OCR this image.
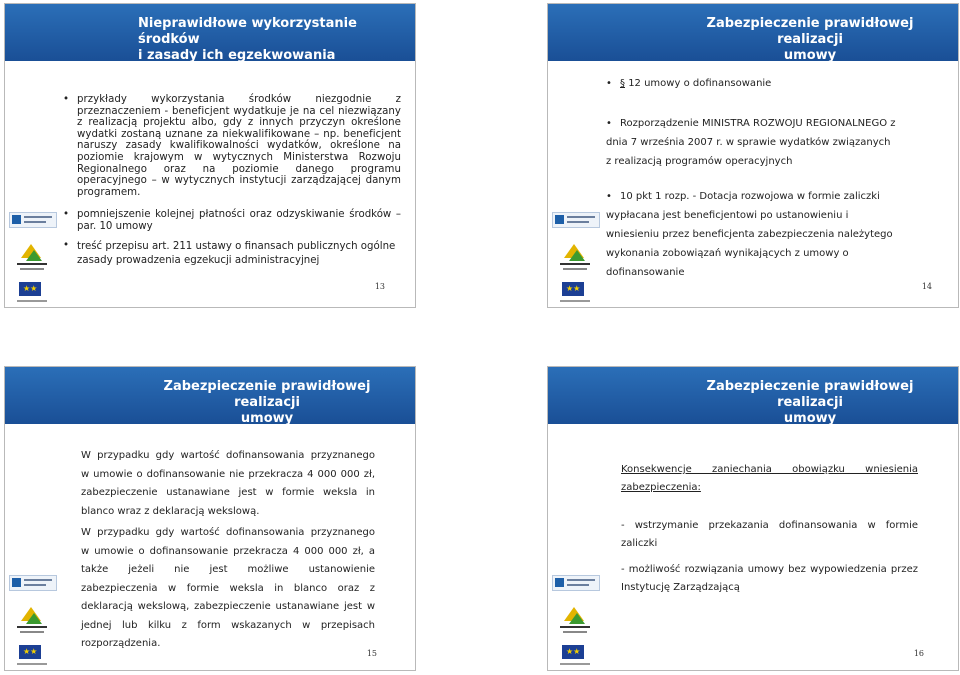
Nieprawidłowe wykorzystanie środków
i zasady ich egzekwowania
★★
• przykłady wykorzystania środków niezgodnie z przeznaczeniem - beneficjent wydatkuje je na cel niezwiązany z realizacją projektu albo, gdy z innych przyczyn określone wydatki zostaną uznane za niekwalifikowane – np. beneficjent naruszy zasady kwalifikowalności wydatków, określone na poziomie krajowym w wytycznych Ministerstwa Rozwoju Regionalnego oraz na poziomie danego programu operacyjnego – w wytycznych instytucji zarządzającej danym programem.

• pomniejszenie kolejnej płatności oraz odzyskiwanie środków – par. 10 umowy

• treść przepisu art. 211 ustawy o finansach publicznych ogólne zasady prowadzenia egzekucji administracyjnej

13
Zabezpieczenie prawidłowej realizacji
umowy
★★
• § 12 umowy o dofinansowanie

• Rozporządzenie MINISTRA ROZWOJU REGIONALNEGO z

dnia 7 września 2007 r. w sprawie wydatków związanych

z realizacją programów operacyjnych

• 10 pkt 1 rozp. - Dotacja rozwojowa w formie zaliczki

wypłacana jest beneficjentowi po ustanowieniu i

wniesieniu przez beneficjenta zabezpieczenia należytego

wykonania zobowiązań wynikających z umowy o

dofinansowanie

14
Zabezpieczenie prawidłowej realizacji
umowy
★★

W przypadku gdy wartość dofinansowania przyznanego

w umowie o dofinansowanie nie przekracza 4 000 000 zł,

zabezpieczenie ustanawiane jest w formie weksla in

blanco wraz z deklaracją wekslową.

W przypadku gdy wartość dofinansowania przyznanego

w umowie o dofinansowanie przekracza 4 000 000 zł, a

także jeżeli nie jest możliwe ustanowienie

zabezpieczenia w formie weksla in blanco oraz z

deklaracją wekslową, zabezpieczenie ustanawiane jest w

jednej lub kilku z form wskazanych w przepisach

rozporządzenia.

15
Zabezpieczenie prawidłowej realizacji
umowy
★★

Konsekwencje zaniechania obowiązku wniesienia

zabezpieczenia:

- wstrzymanie przekazania dofinansowania w formie

zaliczki

- możliwość rozwiązania umowy bez wypowiedzenia przez

Instytucję Zarządzającą

16
